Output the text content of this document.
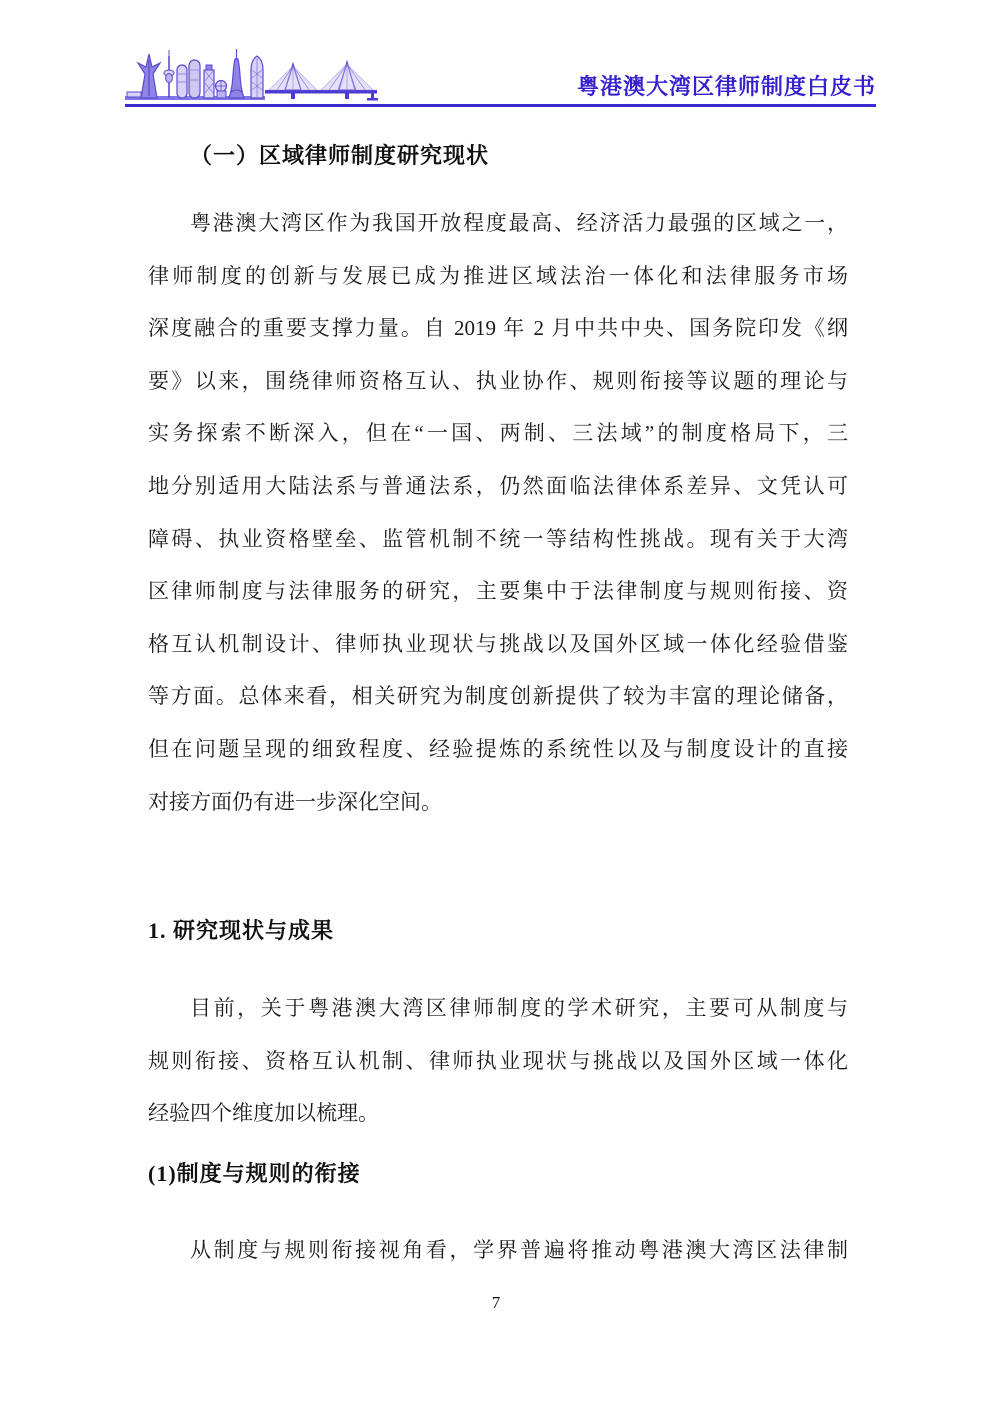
粤港澳大湾区律师制度白皮书
（一）区域律师制度研究现状
粤港澳大湾区作为我国开放程度最高、经济活力最强的区域之一，
律师制度的创新与发展已成为推进区域法治一体化和法律服务市场
深度融合的重要支撑力量。自 2019 年 2 月中共中央、国务院印发《纲
要》以来，围绕律师资格互认、执业协作、规则衔接等议题的理论与
实务探索不断深入，但在“一国、两制、三法域”的制度格局下，三
地分别适用大陆法系与普通法系，仍然面临法律体系差异、文凭认可
障碍、执业资格壁垒、监管机制不统一等结构性挑战。现有关于大湾
区律师制度与法律服务的研究，主要集中于法律制度与规则衔接、资
格互认机制设计、律师执业现状与挑战以及国外区域一体化经验借鉴
等方面。总体来看，相关研究为制度创新提供了较为丰富的理论储备，
但在问题呈现的细致程度、经验提炼的系统性以及与制度设计的直接
对接方面仍有进一步深化空间。
1. 研究现状与成果
目前，关于粤港澳大湾区律师制度的学术研究，主要可从制度与
规则衔接、资格互认机制、律师执业现状与挑战以及国外区域一体化
经验四个维度加以梳理。
(1)制度与规则的衔接
从制度与规则衔接视角看，学界普遍将推动粤港澳大湾区法律制
7
